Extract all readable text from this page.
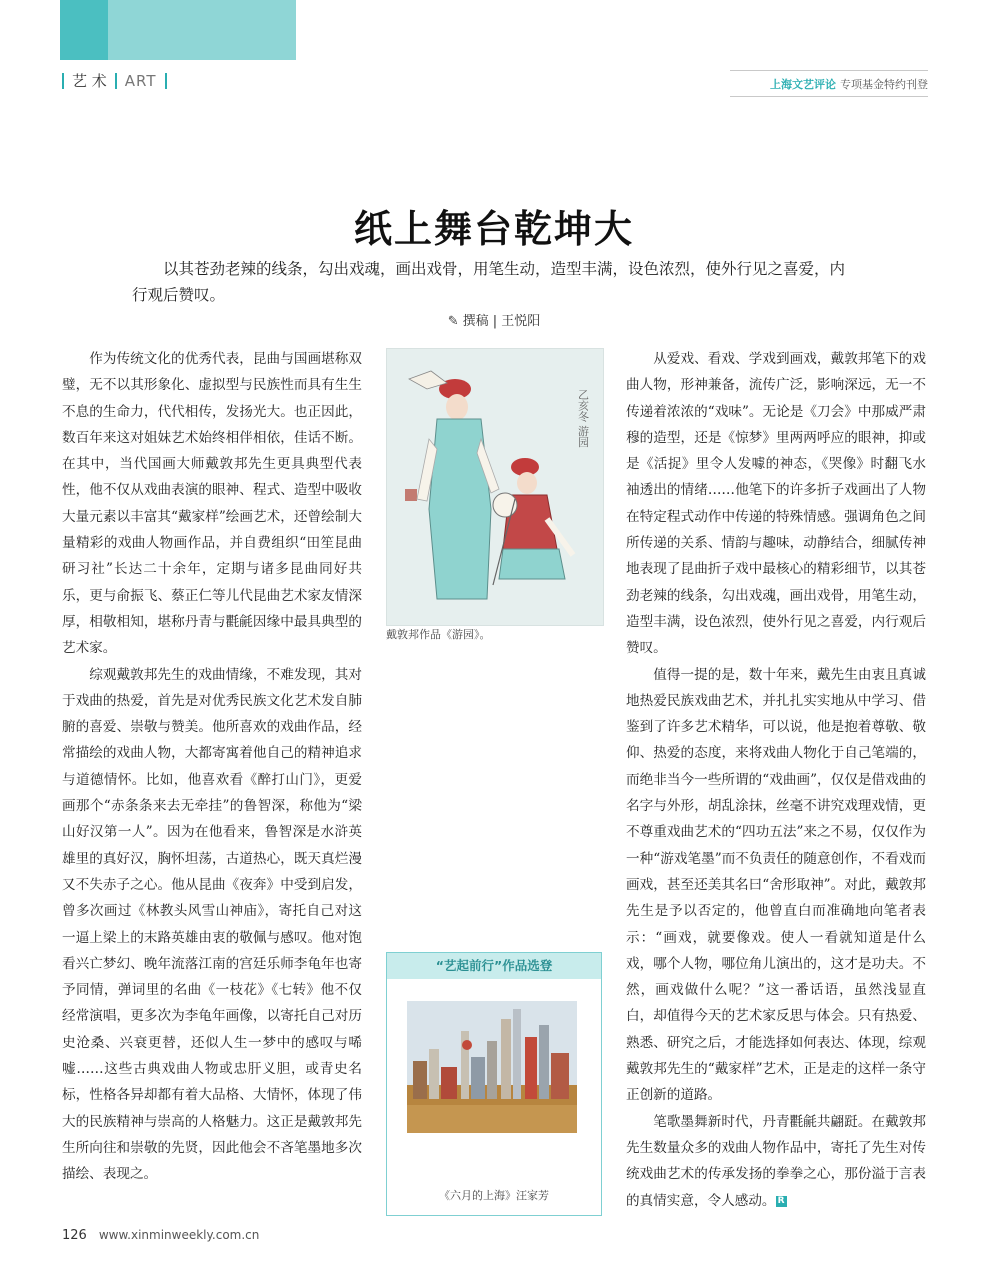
艺 术 ART	上海文艺评论 专项基金特约刊登
纸上舞台乾坤大

以其苍劲老辣的线条，勾出戏魂，画出戏骨，用笔生动，造型丰满，设色浓烈，使外行见之喜爱，内行观后赞叹。

✎ 撰稿 | 王悦阳

作为传统文化的优秀代表，昆曲与国画堪称双璧，无不以其形象化、虚拟型与民族性而具有生生不息的生命力，代代相传，发扬光大。也正因此，数百年来这对姐妹艺术始终相伴相依，佳话不断。在其中，当代国画大师戴敦邦先生更具典型代表性，他不仅从戏曲表演的眼神、程式、造型中吸收大量元素以丰富其“戴家样”绘画艺术，还曾绘制大量精彩的戏曲人物画作品，并自费组织“田笙昆曲研习社”长达二十余年，定期与诸多昆曲同好共乐，更与俞振飞、蔡正仁等儿代昆曲艺术家友情深厚，相敬相知，堪称丹青与氍毹因缘中最具典型的艺术家。

综观戴敦邦先生的戏曲情缘，不难发现，其对于戏曲的热爱，首先是对优秀民族文化艺术发自肺腑的喜爱、崇敬与赞美。他所喜欢的戏曲作品，经常描绘的戏曲人物，大都寄寓着他自己的精神追求与道德情怀。比如，他喜欢看《醉打山门》，更爱画那个“赤条条来去无牵挂”的鲁智深，称他为“梁山好汉第一人”。因为在他看来，鲁智深是水浒英雄里的真好汉，胸怀坦荡，古道热心，既天真烂漫又不失赤子之心。他从昆曲《夜奔》中受到启发，曾多次画过《林教头风雪山神庙》，寄托自己对这一逼上梁上的末路英雄由衷的敬佩与感叹。他对饱看兴亡梦幻、晚年流落江南的宫廷乐师李龟年也寄予同情，弹词里的名曲《一枝花》《七转》他不仅经常演唱，更多次为李龟年画像，以寄托自己对历史沧桑、兴衰更替，还似人生一梦中的感叹与唏嘘……这些古典戏曲人物或忠肝义胆，或青史名标，性格各异却都有着大品格、大情怀，体现了伟大的民族精神与崇高的人格魅力。这正是戴敦邦先生所向往和崇敬的先贤，因此他会不吝笔墨地多次描绘、表现之。

乙亥冬 游园
戴敦邦作品《游园》。
“艺起前行”作品选登
《六月的上海》汪家芳

从爱戏、看戏、学戏到画戏，戴敦邦笔下的戏曲人物，形神兼备，流传广泛，影响深远，无一不传递着浓浓的“戏味”。无论是《刀会》中那威严肃穆的造型，还是《惊梦》里两两呼应的眼神，抑或是《活捉》里令人发噱的神态，《哭像》时翻飞水袖透出的情绪……他笔下的许多折子戏画出了人物在特定程式动作中传递的特殊情感。强调角色之间所传递的关系、情韵与趣味，动静结合，细腻传神地表现了昆曲折子戏中最核心的精彩细节，以其苍劲老辣的线条，勾出戏魂，画出戏骨，用笔生动，造型丰满，设色浓烈，使外行见之喜爱，内行观后赞叹。

值得一提的是，数十年来，戴先生由衷且真诚地热爱民族戏曲艺术，并扎扎实实地从中学习、借鉴到了许多艺术精华，可以说，他是抱着尊敬、敬仰、热爱的态度，来将戏曲人物化于自己笔端的，而绝非当今一些所谓的“戏曲画”，仅仅是借戏曲的名字与外形，胡乱涂抹，丝毫不讲究戏理戏情，更不尊重戏曲艺术的“四功五法”来之不易，仅仅作为一种“游戏笔墨”而不负责任的随意创作，不看戏而画戏，甚至还美其名曰“舍形取神”。对此，戴敦邦先生是予以否定的，他曾直白而准确地向笔者表示：“画戏，就要像戏。使人一看就知道是什么戏，哪个人物，哪位角儿演出的，这才是功夫。不然，画戏做什么呢？”这一番话语，虽然浅显直白，却值得今天的艺术家反思与体会。只有热爱、熟悉、研究之后，才能选择如何表达、体现，综观戴敦邦先生的“戴家样”艺术，正是走的这样一条守正创新的道路。

笔歌墨舞新时代，丹青氍毹共翩跹。在戴敦邦先生数量众多的戏曲人物作品中，寄托了先生对传统戏曲艺术的传承发扬的拳拳之心，那份溢于言表的真情实意，令人感动。 R

126 www.xinminweekly.com.cn
